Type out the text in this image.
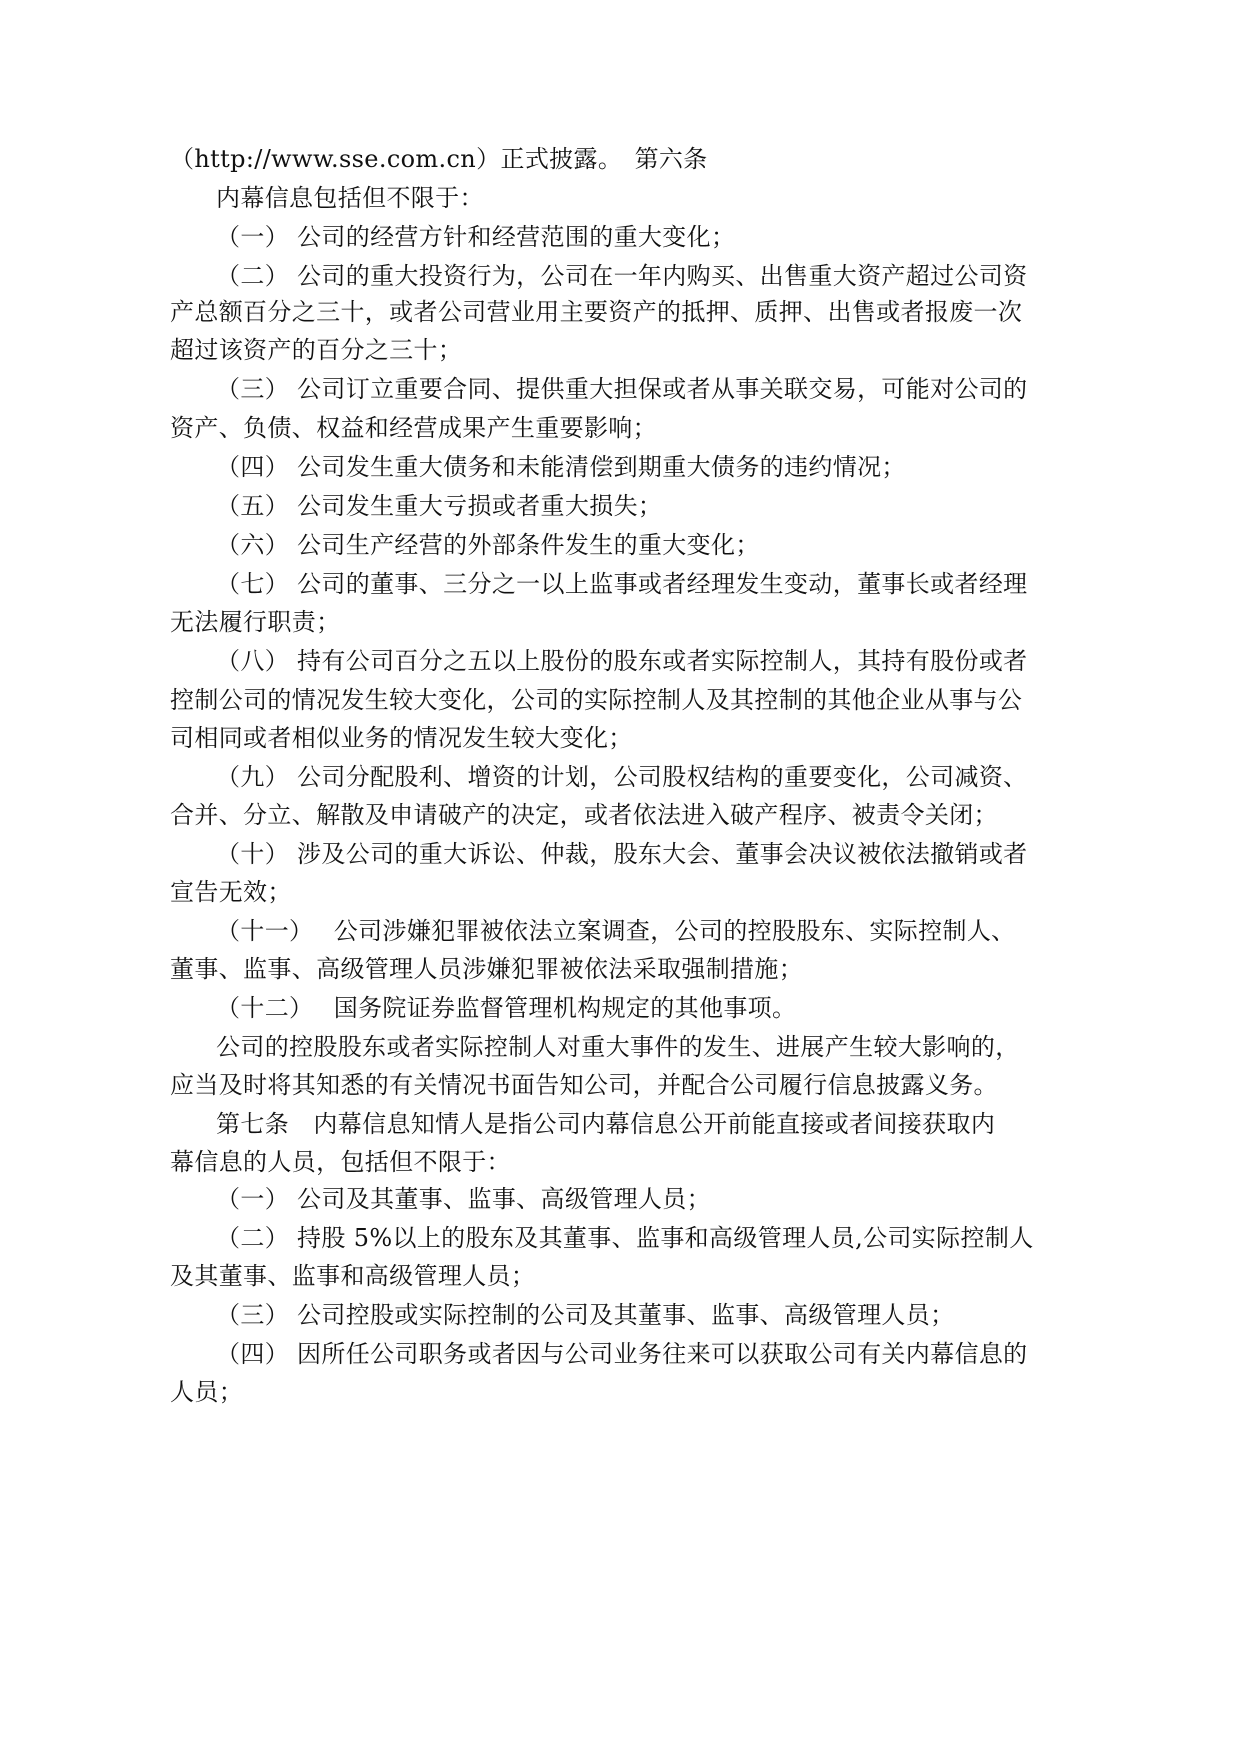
（http://www.sse.com.cn）正式披露。　第六条

内幕信息包括但不限于：

（一） 公司的经营方针和经营范围的重大变化；

（二） 公司的重大投资行为，公司在一年内购买、出售重大资产超过公司资

产总额百分之三十，或者公司营业用主要资产的抵押、质押、出售或者报废一次

超过该资产的百分之三十；

（三） 公司订立重要合同、提供重大担保或者从事关联交易，可能对公司的

资产、负债、权益和经营成果产生重要影响；

（四） 公司发生重大债务和未能清偿到期重大债务的违约情况；

（五） 公司发生重大亏损或者重大损失；

（六） 公司生产经营的外部条件发生的重大变化；

（七） 公司的董事、三分之一以上监事或者经理发生变动，董事长或者经理

无法履行职责；

（八） 持有公司百分之五以上股份的股东或者实际控制人，其持有股份或者

控制公司的情况发生较大变化，公司的实际控制人及其控制的其他企业从事与公

司相同或者相似业务的情况发生较大变化；

（九） 公司分配股利、增资的计划，公司股权结构的重要变化，公司减资、

合并、分立、解散及申请破产的决定，或者依法进入破产程序、被责令关闭；

（十） 涉及公司的重大诉讼、仲裁，股东大会、董事会决议被依法撤销或者

宣告无效；

（十一）　 公司涉嫌犯罪被依法立案调查，公司的控股股东、实际控制人、

董事、监事、高级管理人员涉嫌犯罪被依法采取强制措施；

（十二）　 国务院证券监督管理机构规定的其他事项。

公司的控股股东或者实际控制人对重大事件的发生、进展产生较大影响的，

应当及时将其知悉的有关情况书面告知公司，并配合公司履行信息披露义务。

第七条　内幕信息知情人是指公司内幕信息公开前能直接或者间接获取内

幕信息的人员，包括但不限于：

（一） 公司及其董事、监事、高级管理人员；

（二） 持股 5%以上的股东及其董事、监事和高级管理人员,公司实际控制人

及其董事、监事和高级管理人员；

（三） 公司控股或实际控制的公司及其董事、监事、高级管理人员；

（四） 因所任公司职务或者因与公司业务往来可以获取公司有关内幕信息的

人员；
